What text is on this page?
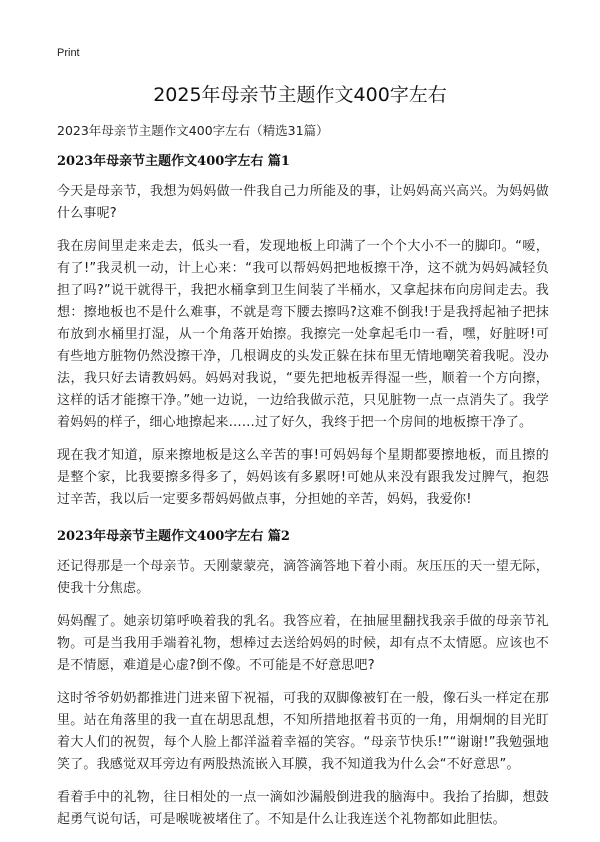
Print
2025年母亲节主题作文400字左右
2023年母亲节主题作文400字左右（精选31篇）
2023年母亲节主题作文400字左右 篇1

今天是母亲节，我想为妈妈做一件我自己力所能及的事，让妈妈高兴高兴。为妈妈做什么事呢?

我在房间里走来走去，低头一看，发现地板上印满了一个个大小不一的脚印。“嗳，有了!”我灵机一动，计上心来：“我可以帮妈妈把地板擦干净，这不就为妈妈减轻负担了吗?”说干就得干，我把水桶拿到卫生间装了半桶水，又拿起抹布向房间走去。我想：擦地板也不是什么难事，不就是弯下腰去擦吗?这难不倒我!于是我捋起袖子把抹布放到水桶里打湿，从一个角落开始擦。我擦完一处拿起毛巾一看，嘿，好脏呀!可有些地方脏物仍然没擦干净，几根调皮的头发正躲在抹布里无情地嘲笑着我呢。没办法，我只好去请教妈妈。妈妈对我说，“要先把地板弄得湿一些，顺着一个方向擦，这样的话才能擦干净。”她一边说，一边给我做示范，只见脏物一点一点消失了。我学着妈妈的样子，细心地擦起来……过了好久，我终于把一个房间的地板擦干净了。

现在我才知道，原来擦地板是这么辛苦的事!可妈妈每个星期都要擦地板，而且擦的是整个家，比我要擦多得多了，妈妈该有多累呀!可她从来没有跟我发过脾气，抱怨过辛苦，我以后一定要多帮妈妈做点事，分担她的辛苦，妈妈，我爱你!

2023年母亲节主题作文400字左右 篇2

还记得那是一个母亲节。天刚蒙蒙亮，滴答滴答地下着小雨。灰压压的天一望无际，使我十分焦虑。

妈妈醒了。她亲切第呼唤着我的乳名。我答应着，在抽屉里翻找我亲手做的母亲节礼物。可是当我用手端着礼物，想棒过去送给妈妈的时候，却有点不太情愿。应该也不是不情愿，难道是心虚?倒不像。不可能是不好意思吧?

这时爷爷奶奶都推进门进来留下祝福，可我的双脚像被钉在一般，像石头一样定在那里。站在角落里的我一直在胡思乱想，不知所措地抠着书页的一角，用炯炯的目光盯着大人们的祝贺，每个人脸上都洋溢着幸福的笑容。“母亲节快乐!”“谢谢!”我勉强地笑了。我感觉双耳旁边有两股热流嵌入耳膜，我不知道我为什么会“不好意思”。

看着手中的礼物，往日相处的一点一滴如沙漏般倒进我的脑海中。我抬了抬脚，想鼓起勇气说句话，可是喉咙被堵住了。不知是什么让我连送个礼物都如此胆怯。
